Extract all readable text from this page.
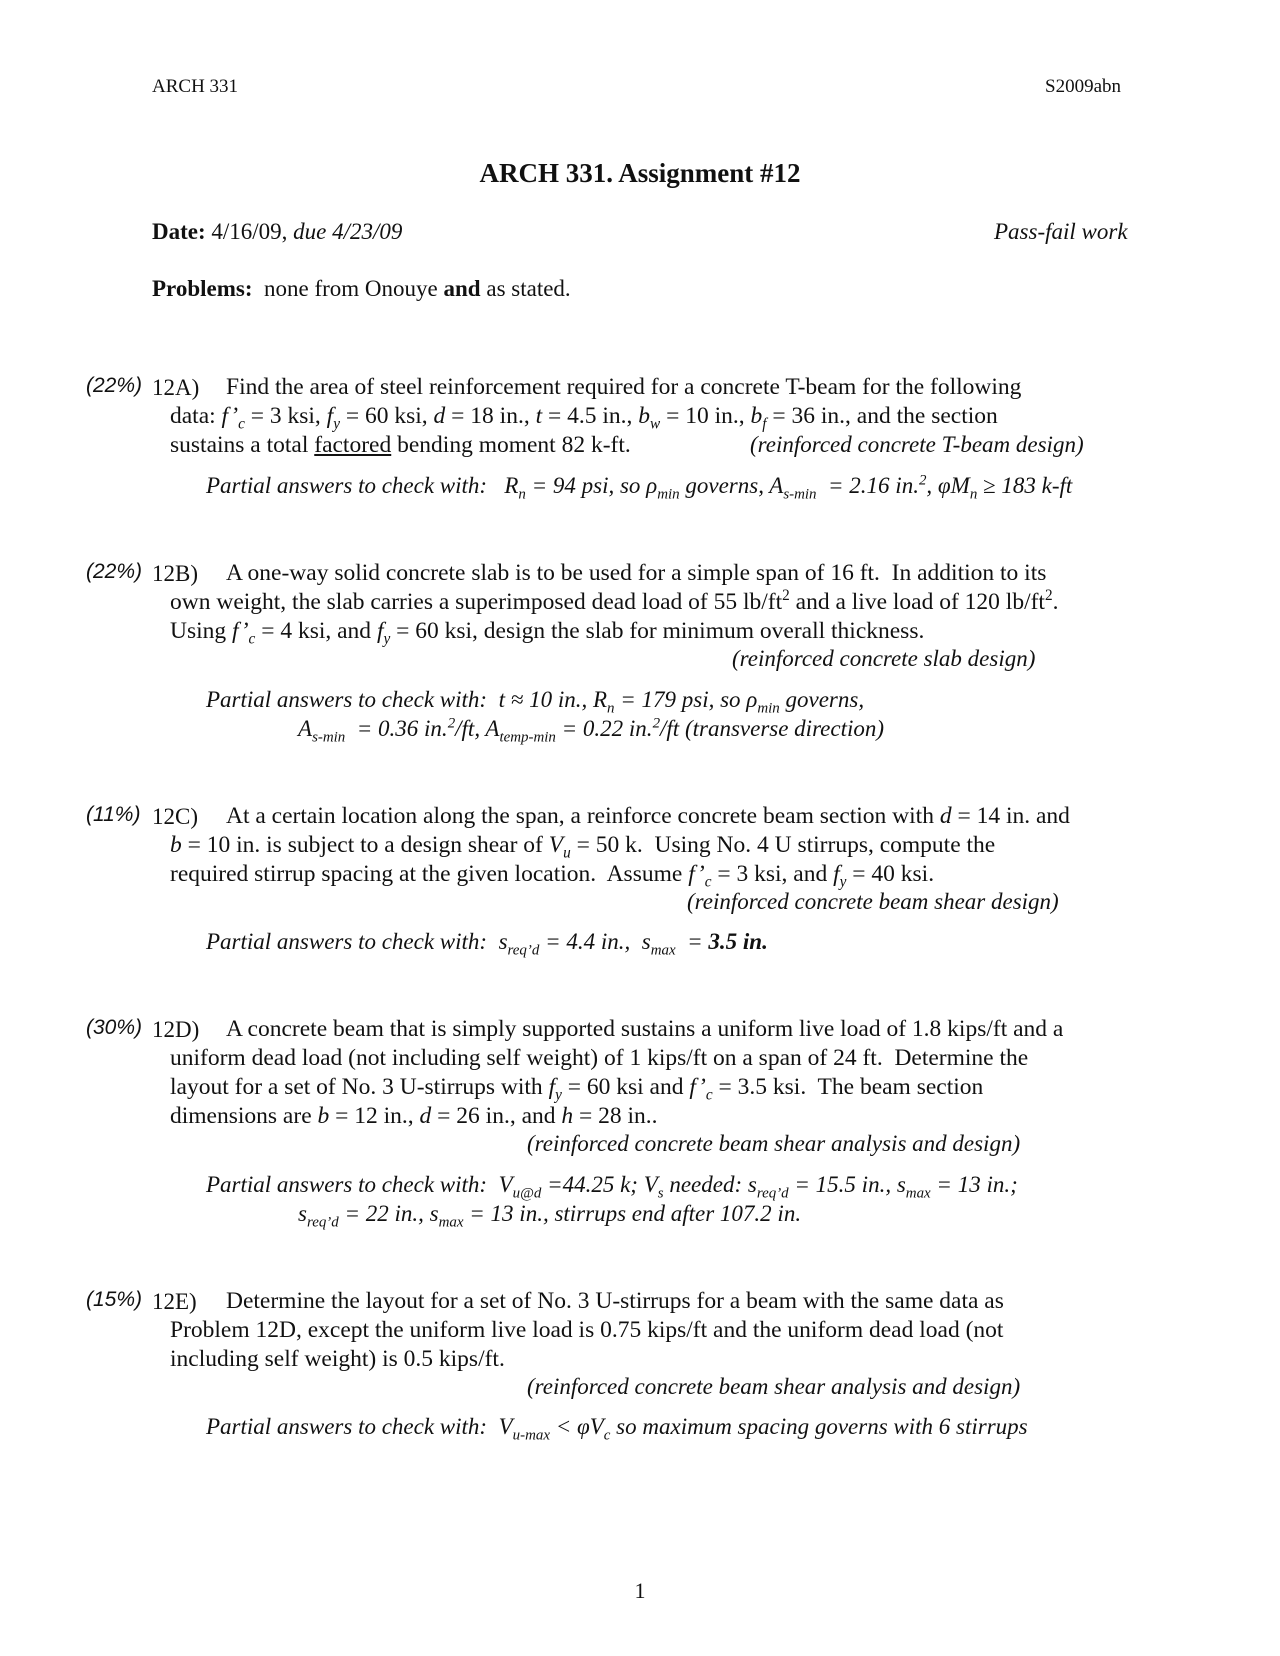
ARCH 331	S2009abn
ARCH 331. Assignment #12
Date: 4/16/09, due 4/23/09	Pass-fail work
Problems: none from Onouye and as stated.
(22%) 12A) Find the area of steel reinforcement required for a concrete T-beam for the following
data: $f’_c = 3$ ksi, $f_y = 60$ ksi, d = 18 in., t = 4.5 in., $b_w = 10$ in., $b_f = 36$ in., and the section
sustains a total factored bending moment 82 k-ft.	(reinforced concrete T-beam design)
Partial answers to check with:   $R_n = 94$ psi, so $\rho_{min}$ governs, $A_{s-min} = 2.16$ in.$^2$, $\varphi M_n \ge 183$ k-ft
(22%) 12B) A one-way solid concrete slab is to be used for a simple span of 16 ft.  In addition to its
own weight, the slab carries a superimposed dead load of 55 $lb/ft^2$ and a live load of 120 $lb/ft^2$.
Using $f’_c = 4$ ksi, and $f_y = 60$ ksi, design the slab for minimum overall thickness.
(reinforced concrete slab design)
Partial answers to check with:  t ≈ 10 in., $R_n = 179$ psi, so $\rho_{min}$ governs,
$A_{s-min} = 0.36$ in.$^2$/ft, $A_{temp-min} = 0.22$ in.$^2$/ft (transverse direction)
(11%) 12C) At a certain location along the span, a reinforce concrete beam section with d = 14 in. and
b = 10 in. is subject to a design shear of $V_u = 50$ k.  Using No. 4 U stirrups, compute the
required stirrup spacing at the given location.  Assume $f’_c = 3$ ksi, and $f_y = 40$ ksi.
(reinforced concrete beam shear design)
Partial answers to check with:  $s_{req’d} = 4.4$ in.,  $s_{max} = 3.5$ in.
(30%) 12D) A concrete beam that is simply supported sustains a uniform live load of 1.8 kips/ft and a
uniform dead load (not including self weight) of 1 kips/ft on a span of 24 ft.  Determine the
layout for a set of No. 3 U-stirrups with $f_y = 60$ ksi and $f’_c = 3.5$ ksi.  The beam section
dimensions are b = 12 in., d = 26 in., and h = 28 in..
(reinforced concrete beam shear analysis and design)
Partial answers to check with:  $V_{u@d} =44.25$ k; $V_s$ needed: $s_{req’d} = 15.5$ in., $s_{max} = 13$ in.;
$s_{req’d} = 22$ in., $s_{max} = 13$ in., stirrups end after 107.2 in.
(15%) 12E) Determine the layout for a set of No. 3 U-stirrups for a beam with the same data as
Problem 12D, except the uniform live load is 0.75 kips/ft and the uniform dead load (not
including self weight) is 0.5 kips/ft.
(reinforced concrete beam shear analysis and design)
Partial answers to check with:  $V_{u-max} < \varphi V_c$ so maximum spacing governs with 6 stirrups
1
